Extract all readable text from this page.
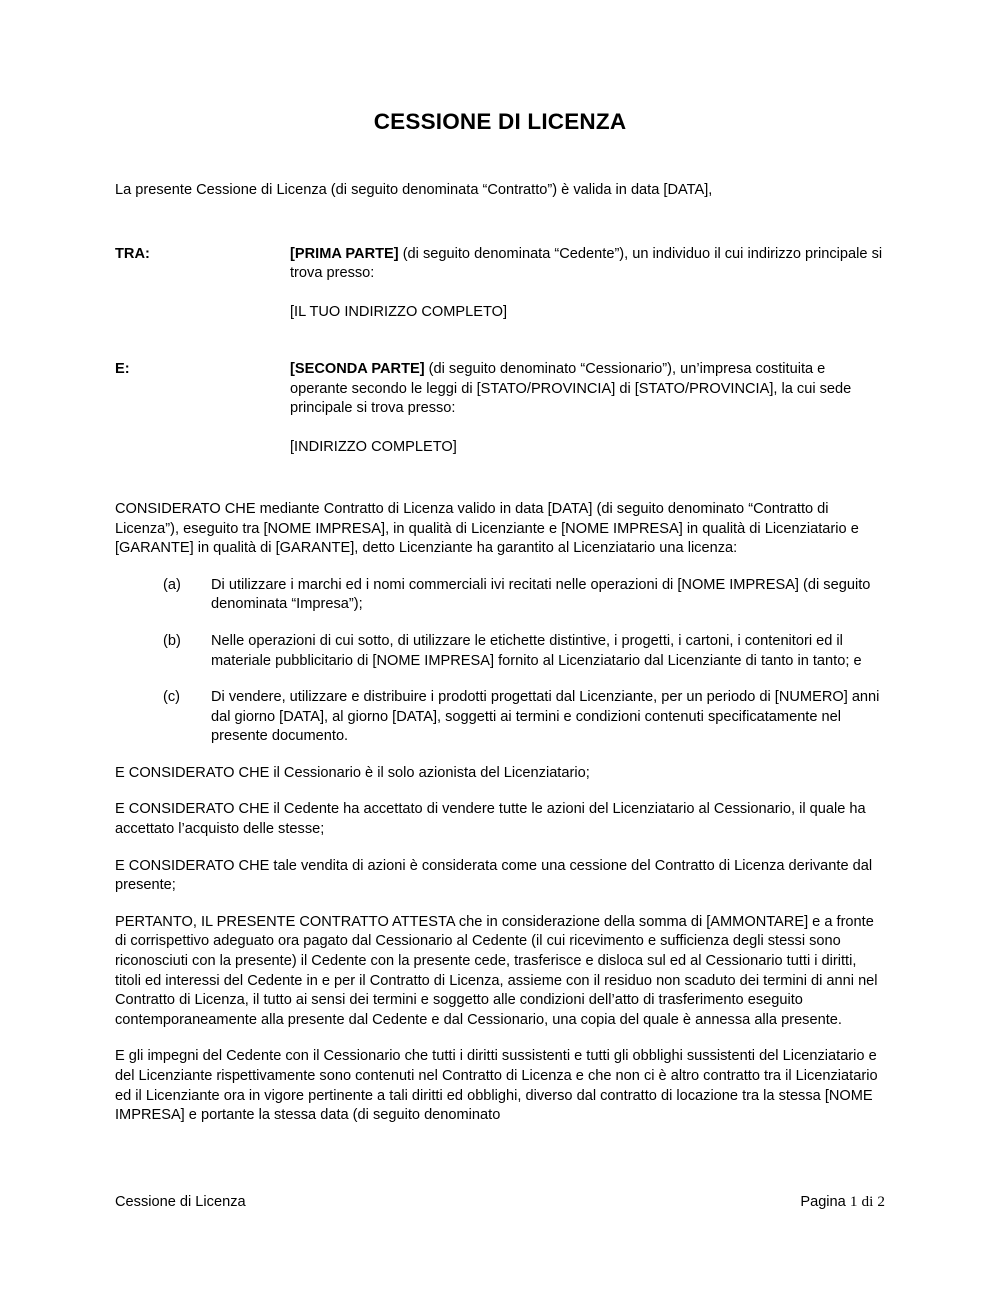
CESSIONE DI LICENZA

La presente Cessione di Licenza (di seguito denominata “Contratto”) è valida in data [DATA],

TRA:	[PRIMA PARTE] (di seguito denominata “Cedente”), un individuo il cui indirizzo principale si trova presso:
[IL TUO INDIRIZZO COMPLETO]
E:	[SECONDA PARTE] (di seguito denominato “Cessionario”), un’impresa costituita e operante secondo le leggi di [STATO/PROVINCIA] di [STATO/PROVINCIA], la cui sede principale si trova presso:
[INDIRIZZO COMPLETO]

CONSIDERATO CHE mediante Contratto di Licenza valido in data [DATA] (di seguito denominato “Contratto di Licenza”), eseguito tra [NOME IMPRESA], in qualità di Licenziante e [NOME IMPRESA] in qualità di Licenziatario e [GARANTE] in qualità di [GARANTE], detto Licenziante ha garantito al Licenziatario una licenza:

(a)	Di utilizzare i marchi ed i nomi commerciali ivi recitati nelle operazioni di [NOME IMPRESA] (di seguito denominata “Impresa”);
(b)	Nelle operazioni di cui sotto, di utilizzare le etichette distintive, i progetti, i cartoni, i contenitori ed il materiale pubblicitario di [NOME IMPRESA] fornito al Licenziatario dal Licenziante di tanto in tanto; e
(c)	Di vendere, utilizzare e distribuire i prodotti progettati dal Licenziante, per un periodo di [NUMERO] anni dal giorno [DATA], al giorno [DATA], soggetti ai termini e condizioni contenuti specificatamente nel presente documento.

E CONSIDERATO CHE il Cessionario è il solo azionista del Licenziatario;

E CONSIDERATO CHE il Cedente ha accettato di vendere tutte le azioni del Licenziatario al Cessionario, il quale ha accettato l’acquisto delle stesse;

E CONSIDERATO CHE tale vendita di azioni è considerata come una cessione del Contratto di Licenza derivante dal presente;

PERTANTO, IL PRESENTE CONTRATTO ATTESTA che in considerazione della somma di [AMMONTARE] e a fronte di corrispettivo adeguato ora pagato dal Cessionario al Cedente (il cui ricevimento e sufficienza degli stessi sono riconosciuti con la presente) il Cedente con la presente cede, trasferisce e disloca sul ed al Cessionario tutti i diritti, titoli ed interessi del Cedente in e per il Contratto di Licenza, assieme con il residuo non scaduto dei termini di anni nel Contratto di Licenza, il tutto ai sensi dei termini e soggetto alle condizioni dell’atto di trasferimento eseguito contemporaneamente alla presente dal Cedente e dal Cessionario, una copia del quale è annessa alla presente.

E gli impegni del Cedente con il Cessionario che tutti i diritti sussistenti e tutti gli obblighi sussistenti del Licenziatario e del Licenziante rispettivamente sono contenuti nel Contratto di Licenza e che non ci è altro contratto tra il Licenziatario ed il Licenziante ora in vigore pertinente a tali diritti ed obblighi, diverso dal contratto di locazione tra la stessa [NOME IMPRESA] e portante la stessa data (di seguito denominato

Cessione di Licenza	Pagina 1 di 2
